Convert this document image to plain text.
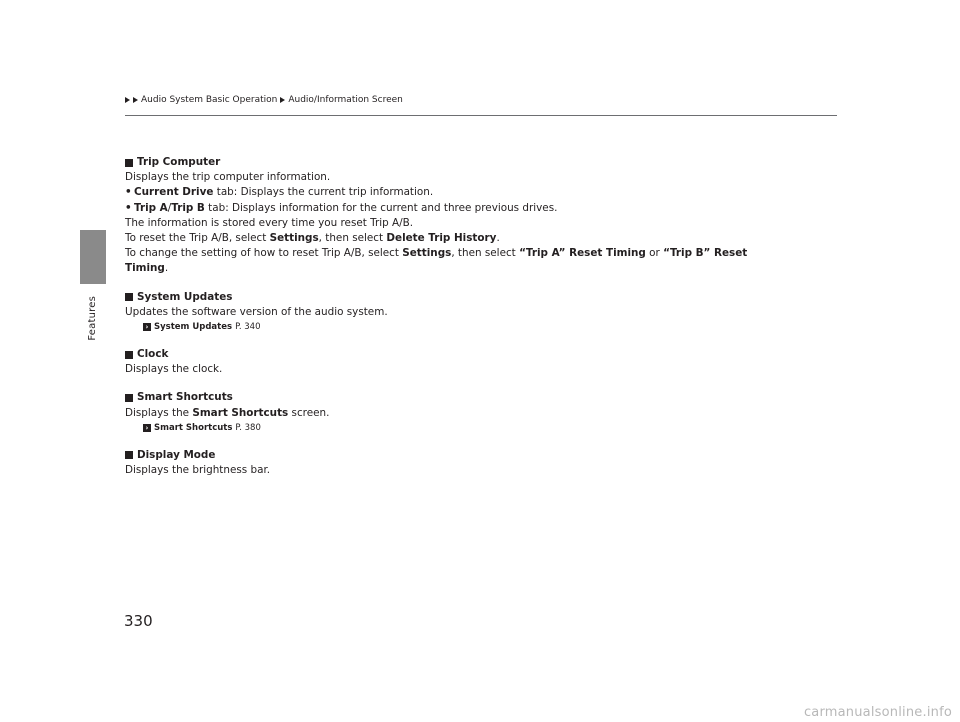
Features
Audio System Basic Operation Audio/Information Screen

Trip Computer

Displays the trip computer information.

• Current Drive tab: Displays the current trip information.
• Trip A/Trip B tab: Displays information for the current and three previous drives.

The information is stored every time you reset Trip A/B.

To reset the Trip A/B, select Settings, then select Delete Trip History.

To change the setting of how to reset Trip A/B, select Settings, then select “Trip A” Reset Timing or “Trip B” Reset Timing.

System Updates

Updates the software version of the audio system.

› System Updates P. 340

Clock

Displays the clock.

Smart Shortcuts

Displays the Smart Shortcuts screen.

› Smart Shortcuts P. 380

Display Mode

Displays the brightness bar.

330
carmanualsonline.info
